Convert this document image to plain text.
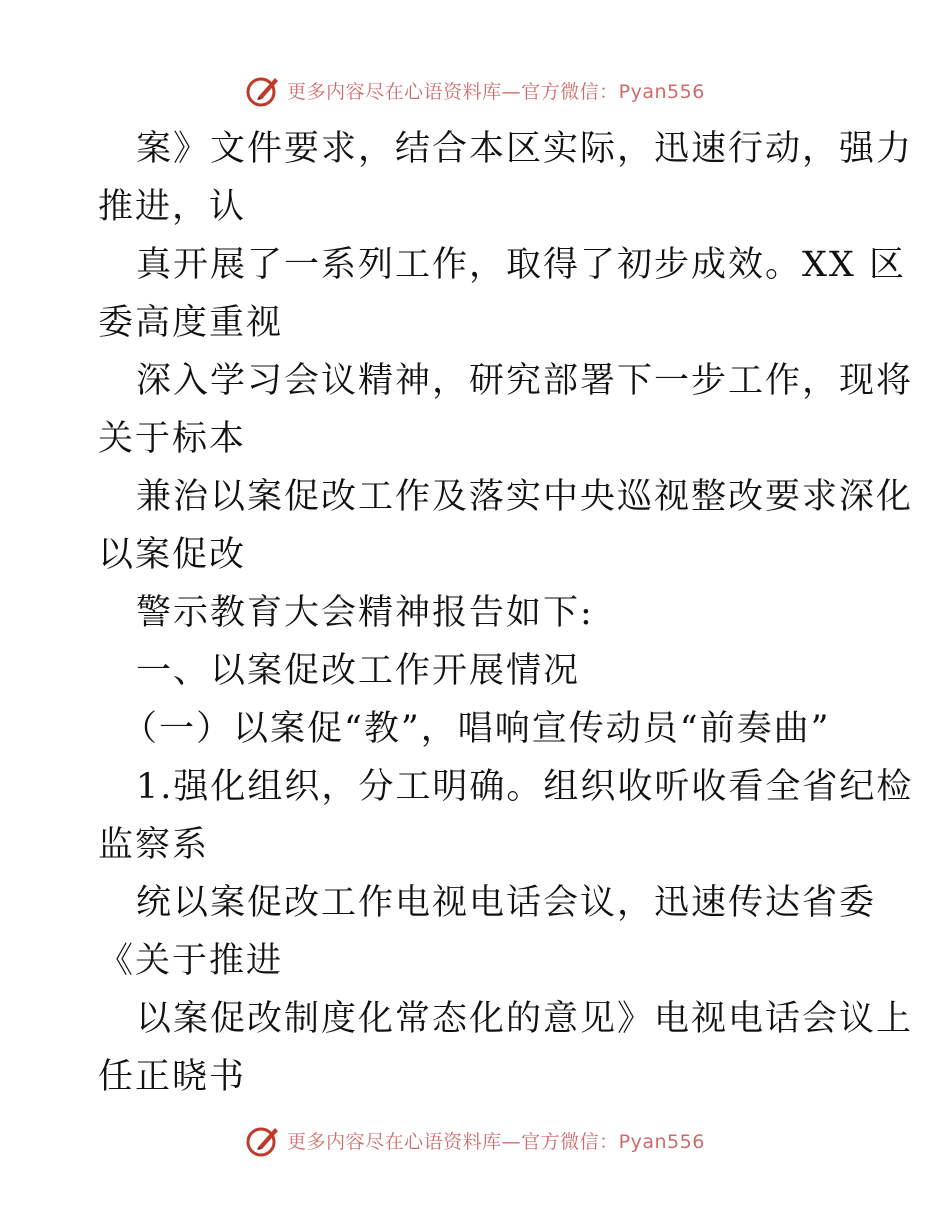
更多内容尽在心语资料库—官方微信：Pyan556
案》文件要求，结合本区实际，迅速行动，强力
推进，认
真开展了一系列工作，取得了初步成效。XX 区
委高度重视
深入学习会议精神，研究部署下一步工作，现将
关于标本
兼治以案促改工作及落实中央巡视整改要求深化
以案促改
警示教育大会精神报告如下:
一、以案促改工作开展情况
（一）以案促“教”，唱响宣传动员“前奏曲”
1.强化组织，分工明确。组织收听收看全省纪检
监察系
统以案促改工作电视电话会议，迅速传达省委
《关于推进
以案促改制度化常态化的意见》电视电话会议上
任正晓书
更多内容尽在心语资料库—官方微信：Pyan556
